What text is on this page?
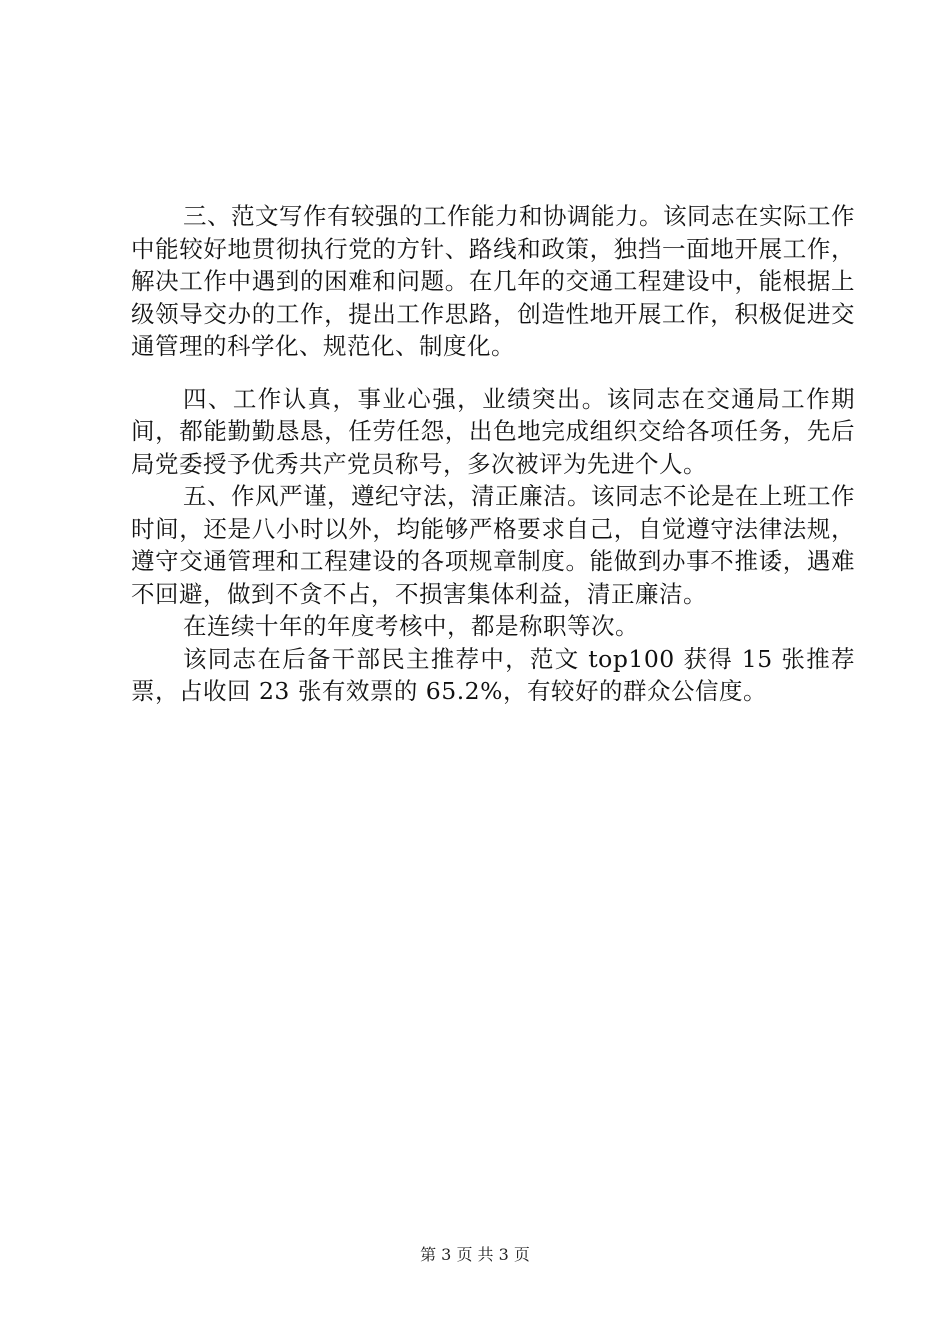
三、范文写作有较强的工作能力和协调能力。该同志在实际工作中能较好地贯彻执行党的方针、路线和政策，独挡一面地开展工作，解决工作中遇到的困难和问题。在几年的交通工程建设中，能根据上级领导交办的工作，提出工作思路，创造性地开展工作，积极促进交通管理的科学化、规范化、制度化。

四、工作认真，事业心强，业绩突出。该同志在交通局工作期间，都能勤勤恳恳，任劳任怨，出色地完成组织交给各项任务，先后局党委授予优秀共产党员称号，多次被评为先进个人。

五、作风严谨，遵纪守法，清正廉洁。该同志不论是在上班工作时间，还是八小时以外，均能够严格要求自己，自觉遵守法律法规，遵守交通管理和工程建设的各项规章制度。能做到办事不推诿，遇难不回避，做到不贪不占，不损害集体利益，清正廉洁。

在连续十年的年度考核中，都是称职等次。

该同志在后备干部民主推荐中，范文 top100 获得 15 张推荐票，占收回 23 张有效票的 65.2%，有较好的群众公信度。

第 3 页 共 3 页
